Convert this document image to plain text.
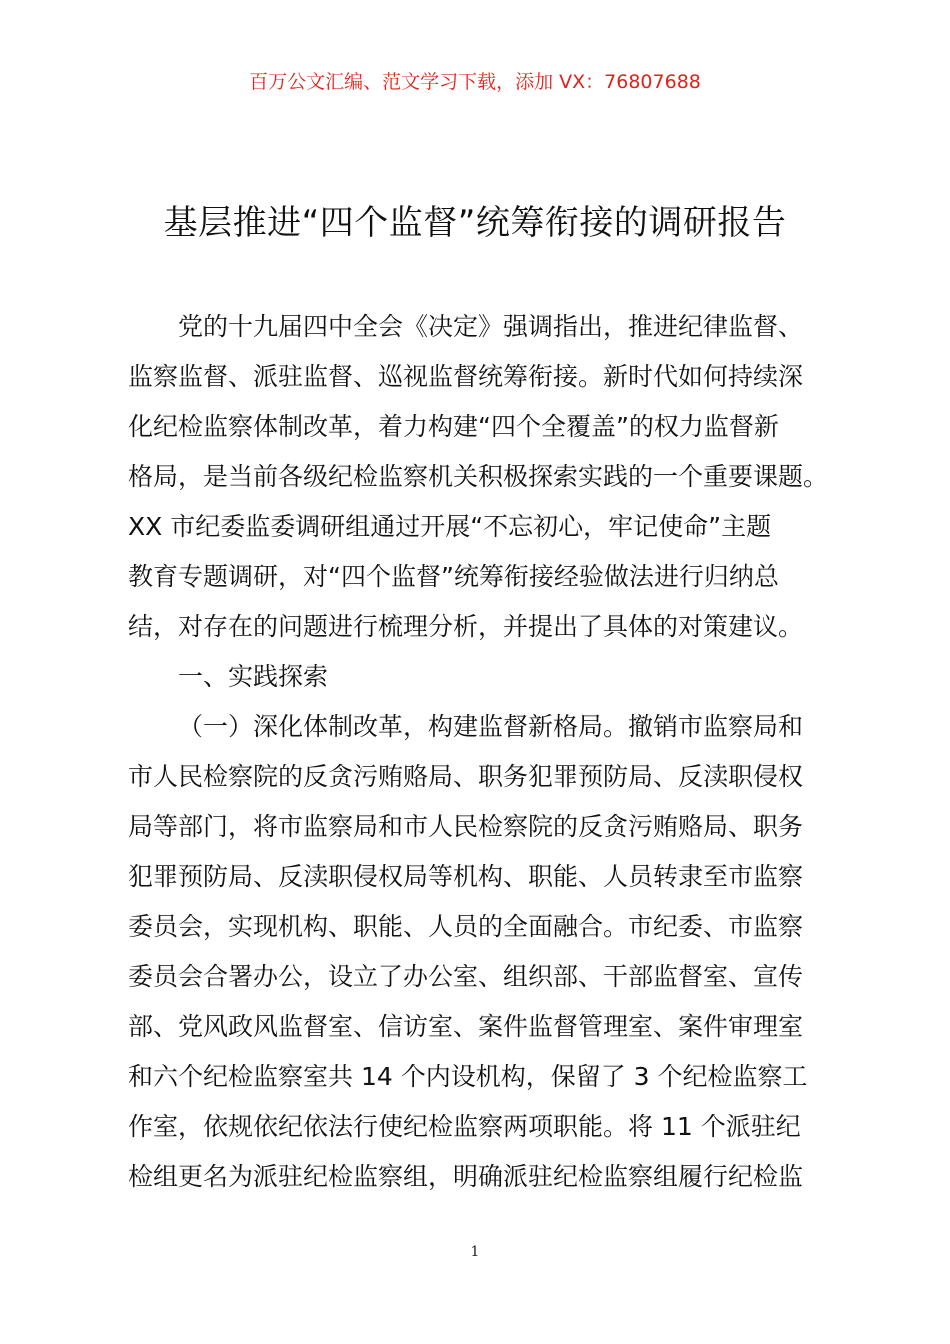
百万公文汇编、范文学习下载，添加 VX：76807688
基层推进“四个监督”统筹衔接的调研报告
党的十九届四中全会《决定》强调指出，推进纪律监督、
监察监督、派驻监督、巡视监督统筹衔接。新时代如何持续深
化纪检监察体制改革，着力构建“四个全覆盖”的权力监督新
格局，是当前各级纪检监察机关积极探索实践的一个重要课题。
XX 市纪委监委调研组通过开展“不忘初心，牢记使命”主题
教育专题调研，对“四个监督”统筹衔接经验做法进行归纳总
结，对存在的问题进行梳理分析，并提出了具体的对策建议。
一、实践探索
（一）深化体制改革，构建监督新格局。撤销市监察局和
市人民检察院的反贪污贿赂局、职务犯罪预防局、反渎职侵权
局等部门，将市监察局和市人民检察院的反贪污贿赂局、职务
犯罪预防局、反渎职侵权局等机构、职能、人员转隶至市监察
委员会，实现机构、职能、人员的全面融合。市纪委、市监察
委员会合署办公，设立了办公室、组织部、干部监督室、宣传
部、党风政风监督室、信访室、案件监督管理室、案件审理室
和六个纪检监察室共 14 个内设机构，保留了 3 个纪检监察工
作室，依规依纪依法行使纪检监察两项职能。将 11 个派驻纪
检组更名为派驻纪检监察组，明确派驻纪检监察组履行纪检监
1
